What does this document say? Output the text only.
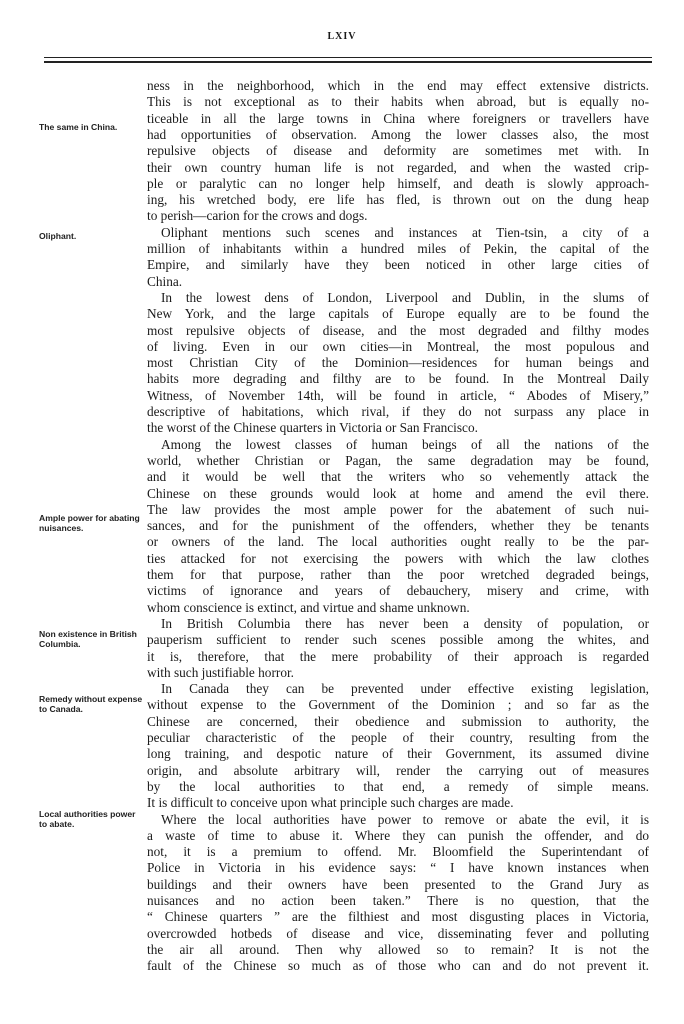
LXIV
The same in China.
Oliphant.
Ample power for abating nuisances.
Non existence in British Columbia.
Remedy without expense to Canada.
Local authorities power to abate.
ness in the neighborhood, which in the end may effect extensive districts.
This is not exceptional as to their habits when abroad, but is equally no-
ticeable in all the large towns in China where foreigners or travellers have
had opportunities of observation. Among the lower classes also, the most
repulsive objects of disease and deformity are sometimes met with. In
their own country human life is not regarded, and when the wasted crip-
ple or paralytic can no longer help himself, and death is slowly approach-
ing, his wretched body, ere life has fled, is thrown out on the dung heap
to perish—carion for the crows and dogs.
Oliphant mentions such scenes and instances at Tien-tsin, a city of a
million of inhabitants within a hundred miles of Pekin, the capital of the
Empire, and similarly have they been noticed in other large cities of
China.
In the lowest dens of London, Liverpool and Dublin, in the slums of
New York, and the large capitals of Europe equally are to be found the
most repulsive objects of disease, and the most degraded and filthy modes
of living. Even in our own cities—in Montreal, the most populous and
most Christian City of the Dominion—residences for human beings and
habits more degrading and filthy are to be found. In the Montreal Daily
Witness, of November 14th, will be found in article, “ Abodes of Misery,”
descriptive of habitations, which rival, if they do not surpass any place in
the worst of the Chinese quarters in Victoria or San Francisco.
Among the lowest classes of human beings of all the nations of the
world, whether Christian or Pagan, the same degradation may be found,
and it would be well that the writers who so vehemently attack the
Chinese on these grounds would look at home and amend the evil there.
The law provides the most ample power for the abatement of such nui-
sances, and for the punishment of the offenders, whether they be tenants
or owners of the land. The local authorities ought really to be the par-
ties attacked for not exercising the powers with which the law clothes
them for that purpose, rather than the poor wretched degraded beings,
victims of ignorance and years of debauchery, misery and crime, with
whom conscience is extinct, and virtue and shame unknown.
In British Columbia there has never been a density of population, or
pauperism sufficient to render such scenes possible among the whites, and
it is, therefore, that the mere probability of their approach is regarded
with such justifiable horror.
In Canada they can be prevented under effective existing legislation,
without expense to the Government of the Dominion ; and so far as the
Chinese are concerned, their obedience and submission to authority, the
peculiar characteristic of the people of their country, resulting from the
long training, and despotic nature of their Government, its assumed divine
origin, and absolute arbitrary will, render the carrying out of measures
by the local authorities to that end, a remedy of simple means.
It is difficult to conceive upon what principle such charges are made.
Where the local authorities have power to remove or abate the evil, it is
a waste of time to abuse it. Where they can punish the offender, and do
not, it is a premium to offend. Mr. Bloomfield the Superintendant of
Police in Victoria in his evidence says: “ I have known instances when
buildings and their owners have been presented to the Grand Jury as
nuisances and no action been taken.” There is no question, that the
“ Chinese quarters ” are the filthiest and most disgusting places in Victoria,
overcrowded hotbeds of disease and vice, disseminating fever and polluting
the air all around. Then why allowed so to remain? It is not the
fault of the Chinese so much as of those who can and do not prevent it.
